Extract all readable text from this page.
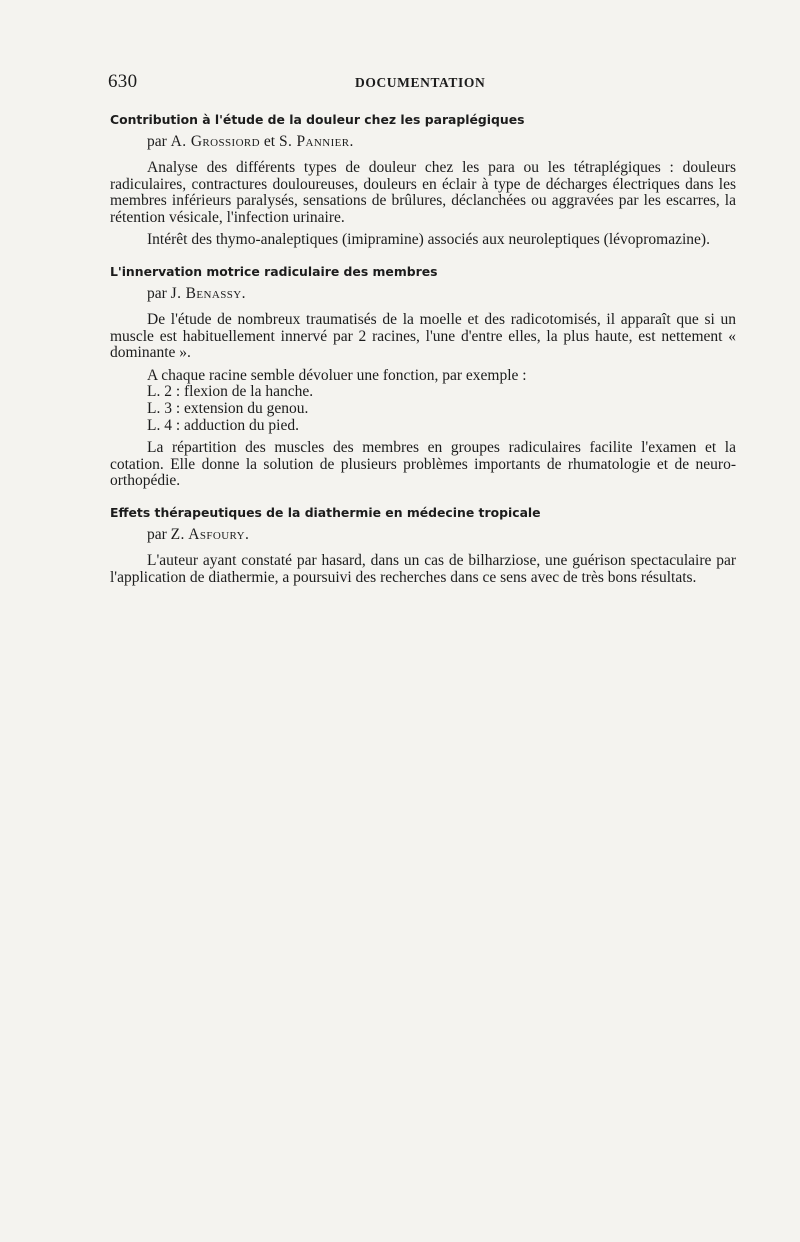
630	DOCUMENTATION

Contribution à l'étude de la douleur chez les paraplégiques

par A. Grossiord et S. Pannier.

Analyse des différents types de douleur chez les para ou les tétraplégiques : douleurs radiculaires, contractures douloureuses, douleurs en éclair à type de décharges électriques dans les membres inférieurs paralysés, sensations de brûlures, déclanchées ou aggravées par les escarres, la rétention vésicale, l'infection urinaire.

Intérêt des thymo-analeptiques (imipramine) associés aux neuroleptiques (lévopromazine).

L'innervation motrice radiculaire des membres

par J. Benassy.

De l'étude de nombreux traumatisés de la moelle et des radicotomisés, il apparaît que si un muscle est habituellement innervé par 2 racines, l'une d'entre elles, la plus haute, est nettement « dominante ».

A chaque racine semble dévoluer une fonction, par exemple :

L. 2 : flexion de la hanche.

L. 3 : extension du genou.

L. 4 : adduction du pied.

La répartition des muscles des membres en groupes radiculaires facilite l'examen et la cotation. Elle donne la solution de plusieurs problèmes importants de rhumatologie et de neuro-orthopédie.

Effets thérapeutiques de la diathermie en médecine tropicale

par Z. Asfoury.

L'auteur ayant constaté par hasard, dans un cas de bilharziose, une guérison spectaculaire par l'application de diathermie, a poursuivi des recherches dans ce sens avec de très bons résultats.
